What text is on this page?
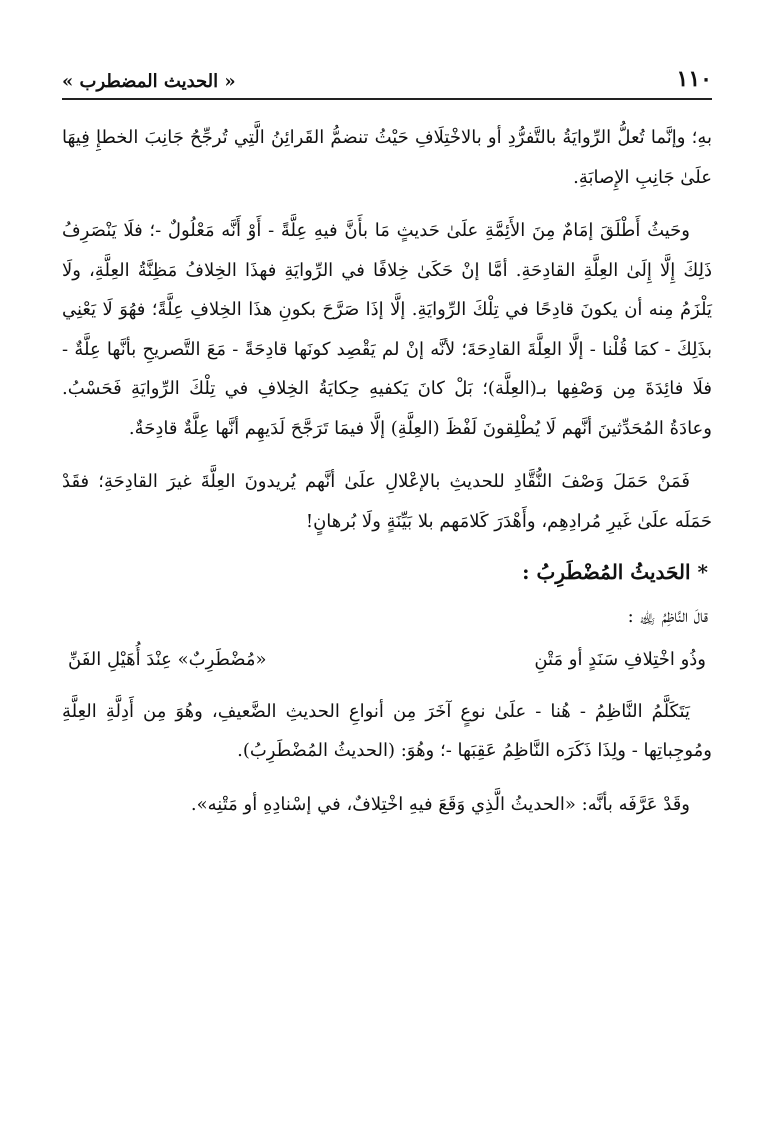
١١٠
« الحديث المضطرب »

بهِ؛ وإنَّما تُعلُّ الرِّوايَةُ بالتَّفرُّدِ أو بالاخْتِلَافِ حَيْثُ تنضمُّ القَرائِنُ الَّتِي تُرجِّحُ جَانِبَ الخطإِ فِيهَا علَىٰ جَانِبِ الإِصابَةِ.

وحَيثُ أَطْلَقَ إمَامٌ مِنَ الأَئِمَّةِ علَىٰ حَديثٍ مَا بأَنَّ فيهِ عِلَّةً - أَوْ أَنَّه مَعْلُولٌ -؛ فلَا يَنْصَرِفُ ذَلِكَ إِلَّا إِلَىٰ العِلَّةِ القادِحَةِ. أمَّا إنْ حَكَىٰ خِلافًا في الرِّوايَةِ فهذَا الخِلافُ مَظِنَّةُ العِلَّةِ، ولَا يَلْزَمُ مِنه أن يكونَ قادِحًا في تِلْكَ الرِّوايَةِ. إلَّا إذَا صَرَّحَ بكونِ هذَا الخِلافِ عِلَّةً؛ فهُوَ لَا يَعْنِي بذَلِكَ - كمَا قُلْنا - إلَّا العِلَّةَ القادِحَةَ؛ لأنَّه إنْ لم يَقْصِد كونَها قادِحَةً - مَعَ التَّصريحِ بأنَّها عِلَّةٌ - فلَا فائِدَةَ مِن وَصْفِها بـ(العِلَّة)؛ بَلْ كانَ يَكفيهِ حِكايَةُ الخِلافِ في تِلْكَ الرِّوايَةِ فَحَسْبُ. وعادَةُ المُحَدِّثينَ أنَّهم لَا يُطْلِقونَ لَفْظَ (العِلَّةِ) إلَّا فيمَا تَرَجَّحَ لَدَيهِم أنَّها عِلَّةٌ قادِحَةٌ.

فَمَنْ حَمَلَ وَصْفَ النُّقَّادِ للحديثِ بالإعْلالِ علَىٰ أنَّهم يُريدونَ العِلَّةَ غيرَ القادِحَةِ؛ فقَدْ حَمَلَه علَىٰ غَيرِ مُرادِهِم، وأَهْدَرَ كَلامَهم بلا بَيِّنَةٍ ولَا بُرهانٍ!

* الحَديثُ المُضْطَرِبُ :

قالَ النَّاظِمُ ﵀ :

وذُو اخْتِلافِ سَنَدٍ أو مَتْنِ
«مُضْطَرِبٌ» عِنْدَ أُهَيْلِ الفَنِّ

يَتَكَلَّمُ النَّاظِمُ - هُنا - علَىٰ نوعٍ آخَرَ مِن أنواعِ الحديثِ الضَّعيفِ، وهُوَ مِن أَدِلَّةِ العِلَّةِ ومُوجِباتِها - ولِذَا ذَكَرَه النَّاظِمُ عَقِبَها -؛ وهُوَ: (الحديثُ المُضْطَرِبُ).

وقَدْ عَرَّفَه بأنَّه: «الحديثُ الَّذِي وَقَعَ فيهِ اخْتِلافٌ، في إسْنادِهِ أو مَتْنِه».
